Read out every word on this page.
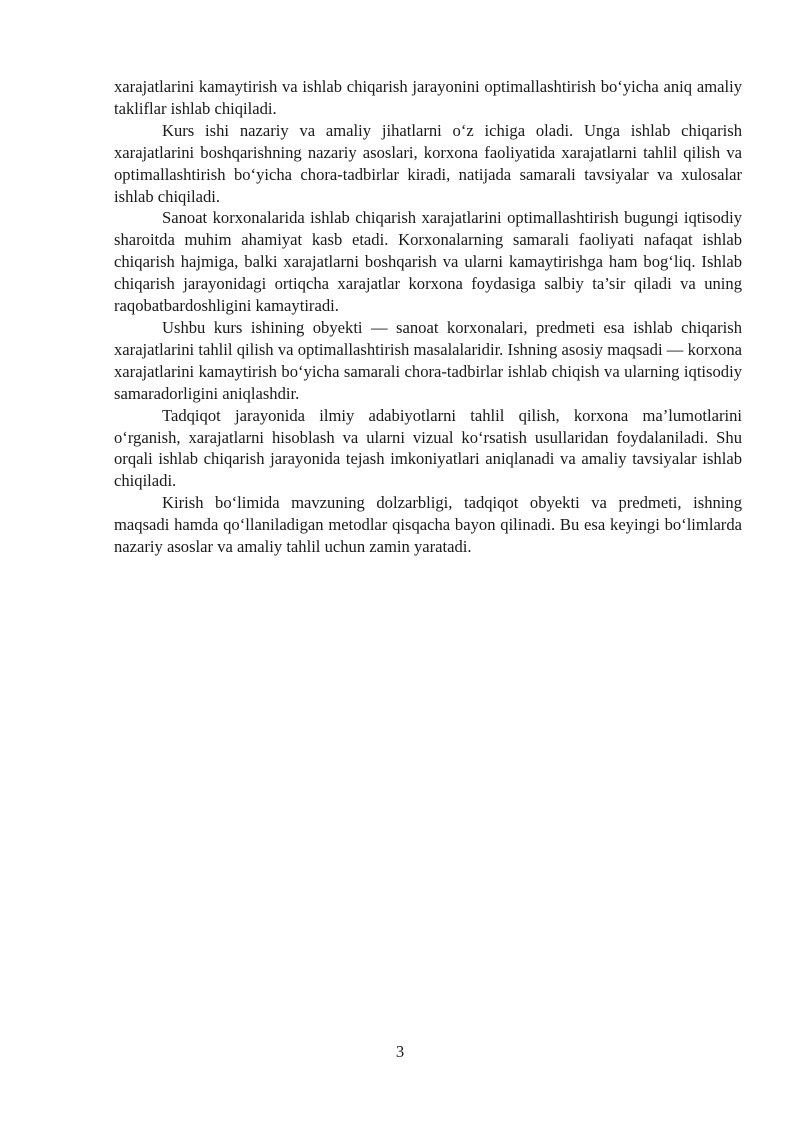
xarajatlarini kamaytirish va ishlab chiqarish jarayonini optimallashtirish bo‘yicha aniq amaliy takliflar ishlab chiqiladi.

Kurs ishi nazariy va amaliy jihatlarni o‘z ichiga oladi. Unga ishlab chiqarish xarajatlarini boshqarishning nazariy asoslari, korxona faoliyatida xarajatlarni tahlil qilish va optimallashtirish bo‘yicha chora-tadbirlar kiradi, natijada samarali tavsiyalar va xulosalar ishlab chiqiladi.

Sanoat korxonalarida ishlab chiqarish xarajatlarini optimallashtirish bugungi iqtisodiy sharoitda muhim ahamiyat kasb etadi. Korxonalarning samarali faoliyati nafaqat ishlab chiqarish hajmiga, balki xarajatlarni boshqarish va ularni kamaytirishga ham bog‘liq. Ishlab chiqarish jarayonidagi ortiqcha xarajatlar korxona foydasiga salbiy ta’sir qiladi va uning raqobatbardoshligini kamaytiradi.

Ushbu kurs ishining obyekti — sanoat korxonalari, predmeti esa ishlab chiqarish xarajatlarini tahlil qilish va optimallashtirish masalalaridir. Ishning asosiy maqsadi — korxona xarajatlarini kamaytirish bo‘yicha samarali chora-tadbirlar ishlab chiqish va ularning iqtisodiy samaradorligini aniqlashdir.

Tadqiqot jarayonida ilmiy adabiyotlarni tahlil qilish, korxona ma’lumotlarini o‘rganish, xarajatlarni hisoblash va ularni vizual ko‘rsatish usullaridan foydalaniladi. Shu orqali ishlab chiqarish jarayonida tejash imkoniyatlari aniqlanadi va amaliy tavsiyalar ishlab chiqiladi.

Kirish bo‘limida mavzuning dolzarbligi, tadqiqot obyekti va predmeti, ishning maqsadi hamda qo‘llaniladigan metodlar qisqacha bayon qilinadi. Bu esa keyingi bo‘limlarda nazariy asoslar va amaliy tahlil uchun zamin yaratadi.

3
